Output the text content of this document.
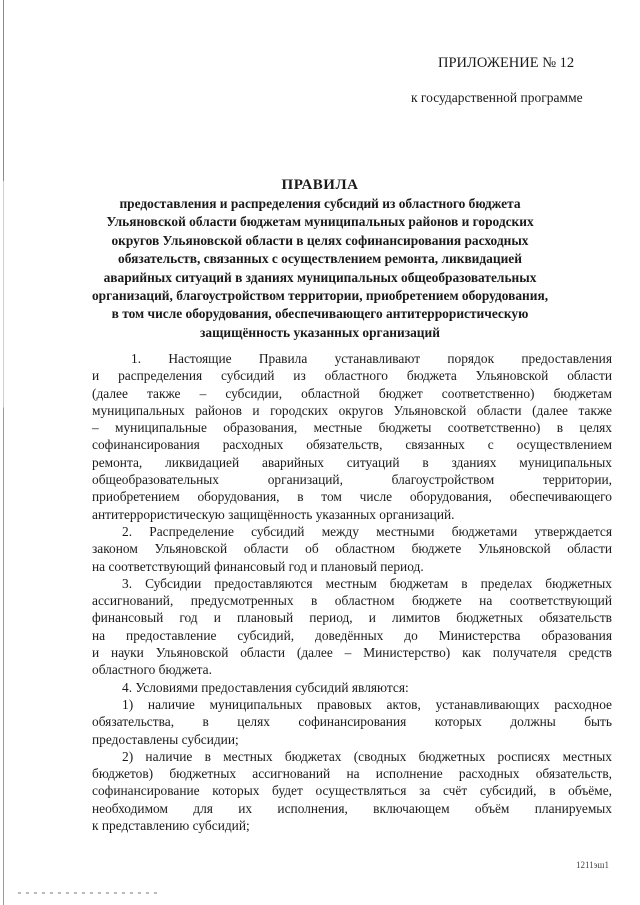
ПРИЛОЖЕНИЕ № 12
к государственной программе
ПРАВИЛА
предоставления и распределения субсидий из областного бюджета
Ульяновской области бюджетам муниципальных районов и городских
округов Ульяновской области в целях софинансирования расходных
обязательств, связанных с осуществлением ремонта, ликвидацией
аварийных ситуаций в зданиях муниципальных общеобразовательных
организаций, благоустройством территории, приобретением оборудования,
в том числе оборудования, обеспечивающего антитеррористическую
защищённость указанных организаций
1. Настоящие Правила устанавливают порядок предоставления
и распределения субсидий из областного бюджета Ульяновской области
(далее также – субсидии, областной бюджет соответственно) бюджетам
муниципальных районов и городских округов Ульяновской области (далее также
– муниципальные образования, местные бюджеты соответственно) в целях
софинансирования расходных обязательств, связанных с осуществлением
ремонта, ликвидацией аварийных ситуаций в зданиях муниципальных
общеобразовательных организаций, благоустройством территории,
приобретением оборудования, в том числе оборудования, обеспечивающего
антитеррористическую защищённость указанных организаций.
2. Распределение субсидий между местными бюджетами утверждается
законом Ульяновской области об областном бюджете Ульяновской области
на соответствующий финансовый год и плановый период.
3. Субсидии предоставляются местным бюджетам в пределах бюджетных
ассигнований, предусмотренных в областном бюджете на соответствующий
финансовый год и плановый период, и лимитов бюджетных обязательств
на предоставление субсидий, доведённых до Министерства образования
и науки Ульяновской области (далее – Министерство) как получателя средств
областного бюджета.
4. Условиями предоставления субсидий являются:
1) наличие муниципальных правовых актов, устанавливающих расходное
обязательства, в целях софинансирования которых должны быть
предоставлены субсидии;
2) наличие в местных бюджетах (сводных бюджетных росписях местных
бюджетов) бюджетных ассигнований на исполнение расходных обязательств,
софинансирование которых будет осуществляться за счёт субсидий, в объёме,
необходимом для их исполнения, включающем объём планируемых
к представлению субсидий;
1211эш1
